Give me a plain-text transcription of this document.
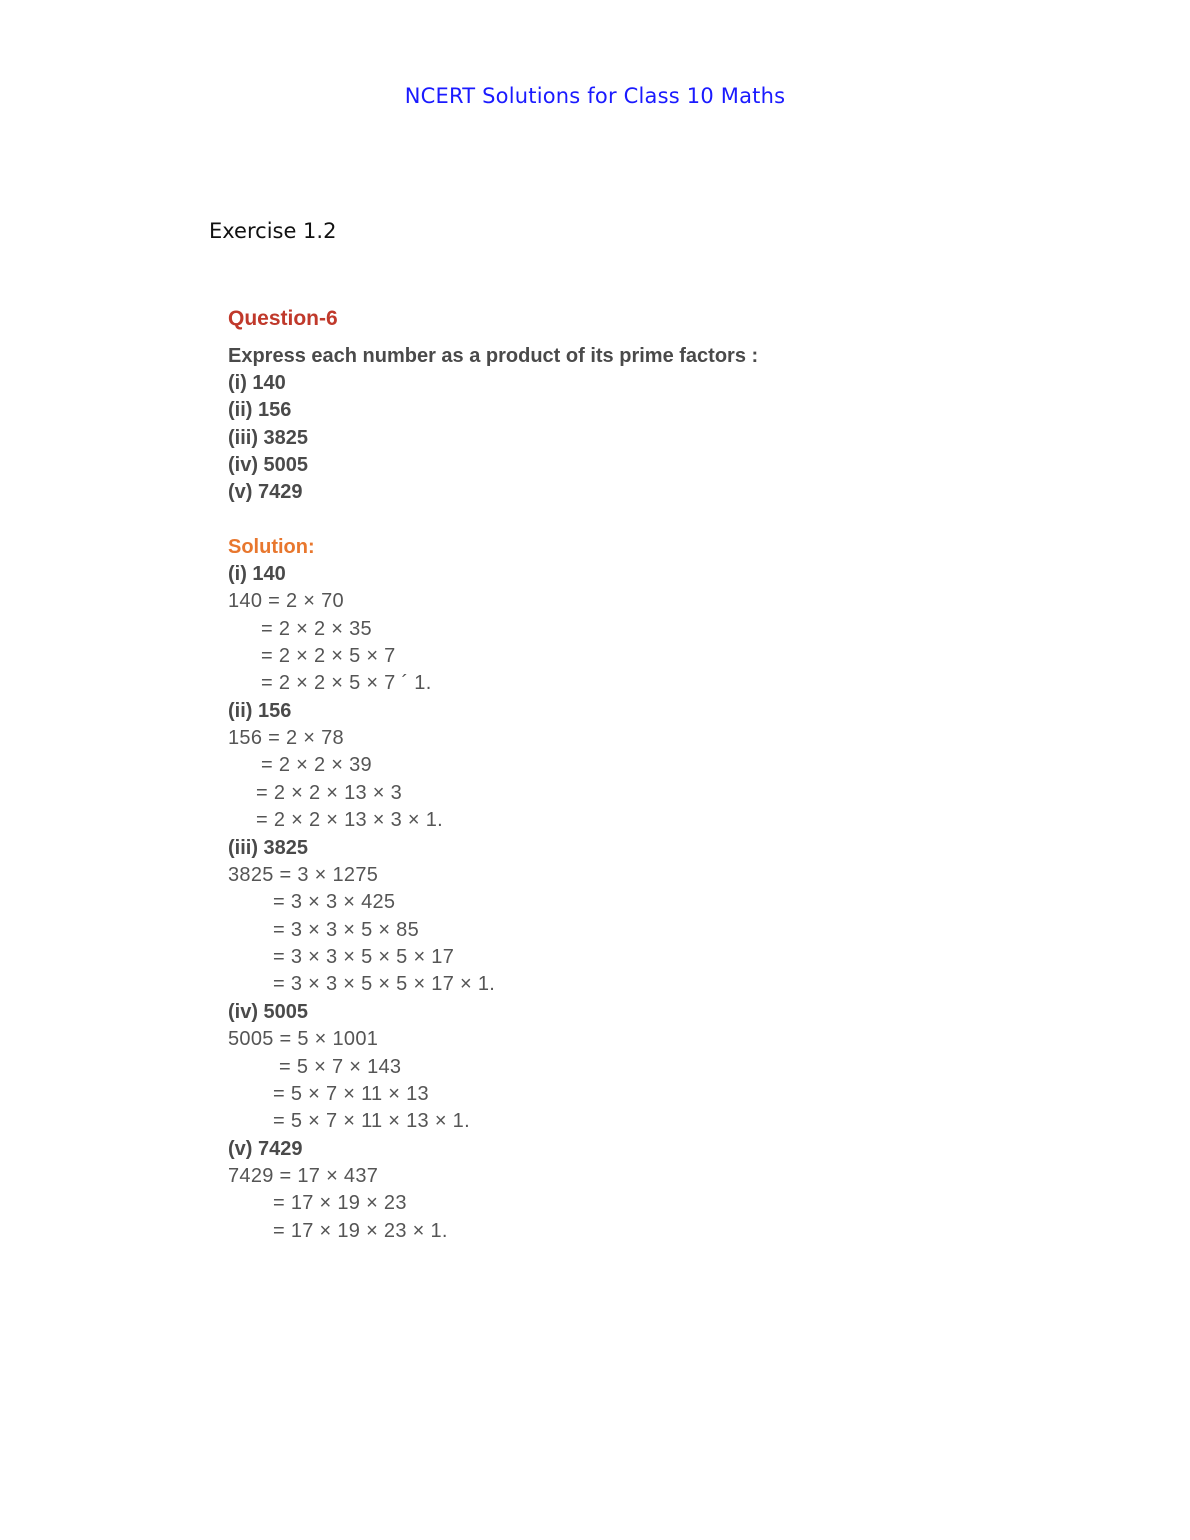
NCERT Solutions for Class 10 Maths
Exercise 1.2
Question-6
Express each number as a product of its prime factors :
(i) 140
(ii) 156
(iii) 3825
(iv) 5005
(v) 7429
Solution:
(i) 140
140 = 2 × 70
= 2 × 2 × 35
= 2 × 2 × 5 × 7
= 2 × 2 × 5 × 7 ´ 1.
(ii) 156
156 = 2 × 78
= 2 × 2 × 39
= 2 × 2 × 13 × 3
= 2 × 2 × 13 × 3 × 1.
(iii) 3825
3825 = 3 × 1275
= 3 × 3 × 425
= 3 × 3 × 5 × 85
= 3 × 3 × 5 × 5 × 17
= 3 × 3 × 5 × 5 × 17 × 1.
(iv) 5005
5005 = 5 × 1001
= 5 × 7 × 143
= 5 × 7 × 11 × 13
= 5 × 7 × 11 × 13 × 1.
(v) 7429
7429 = 17 × 437
= 17 × 19 × 23
= 17 × 19 × 23 × 1.
